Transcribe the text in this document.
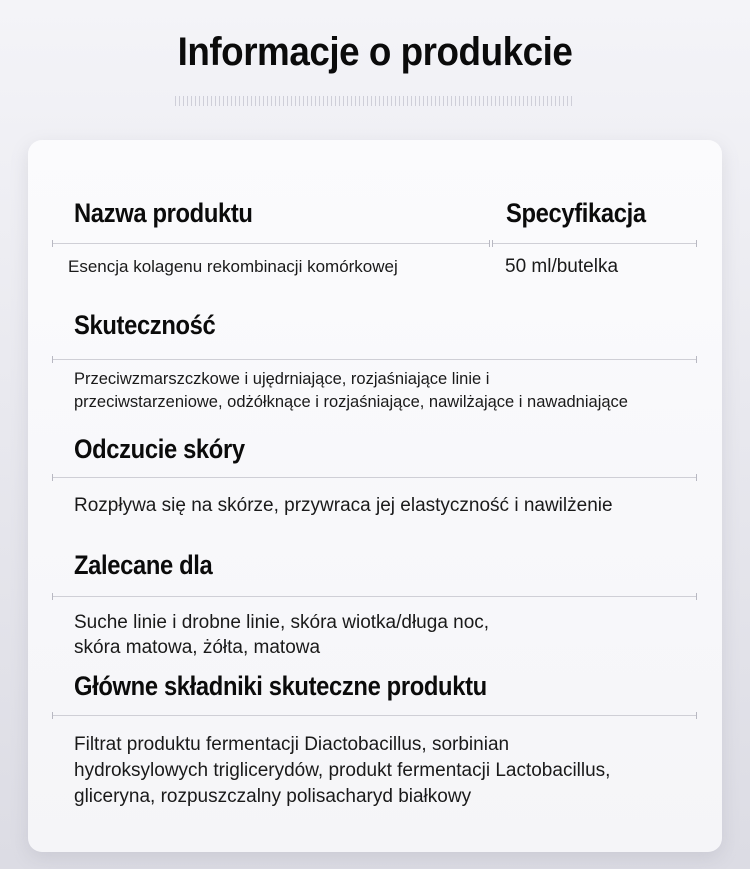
Informacje o produkcie
Nazwa produktu	Specyfikacja
Esencja kolagenu rekombinacji komórkowej	50 ml/butelka
Skuteczność
Przeciwzmarszczkowe i ujędrniające, rozjaśniające linie i
przeciwstarzeniowe, odżółknące i rozjaśniające, nawilżające i nawadniające
Odczucie skóry
Rozpływa się na skórze, przywraca jej elastyczność i nawilżenie
Zalecane dla
Suche linie i drobne linie, skóra wiotka/długa noc,
skóra matowa, żółta, matowa
Główne składniki skuteczne produktu
Filtrat produktu fermentacji Diactobacillus, sorbinian
hydroksylowych triglicerydów, produkt fermentacji Lactobacillus,
gliceryna, rozpuszczalny polisacharyd białkowy
